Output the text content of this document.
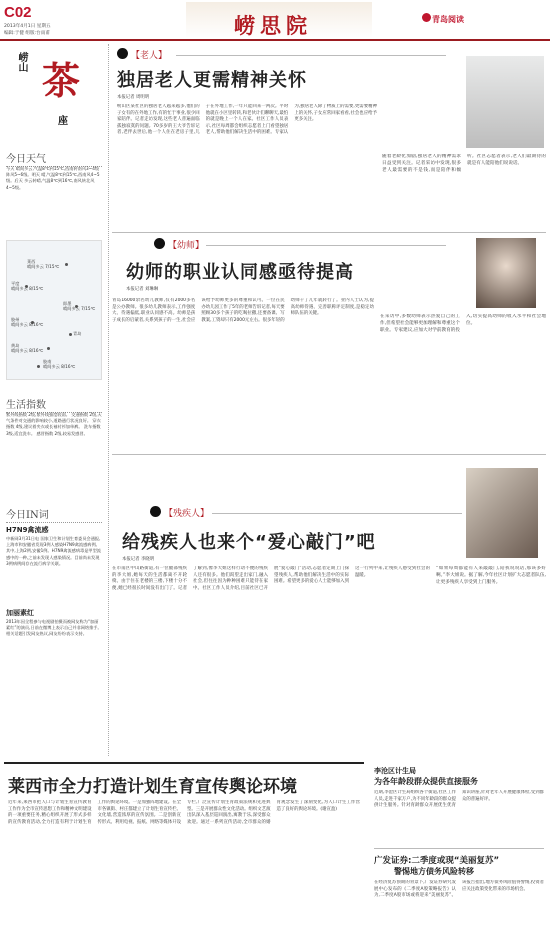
C02
2013年4月1日 星期五
编辑:于健 组版:台雨甫	崂思院	青岛阅读
崂山 茶
座
今日天气
今天 晴间多云,气温8℃到15℃,西南转南风3~4级阵风5~6级。明天 晴,气温8℃到15℃,西南风4~5级。后天 多云转晴,气温8℃到16℃,南风转北风4~5级。
莱西
晴间多云 7/15℃
平度
晴间多云 8/15℃
胶州
晴间多云 8/16℃
即墨
晴间多云 7/15℃
青岛
黄岛
晴间多云 8/16℃
胶南
晴间多云 8/16℃
生活指数
紫外线指数 2级,紫外线强度较弱。 交通指数 2级,天气条件对交通的影响较小,道路通行状况良好。 穿衣指数 4级,建议着夹衣或长袖衬衫加单裤。 洗车指数 3级,适宜洗车。 感冒指数 2级,较易发感冒。
今日IN词
H7N9禽流感
中新网3月31日电 国家卫生和计划生育委员会通报,上海市和安徽省发现3例人感染H7N9禽流感病例。其中,上海2例,安徽1例。H7N9禽流感病毒是甲型流感中的一种,之前未发现人感染情况。目前尚未发现3例病例间存在流行病学关联。
加丽素红
2013年因全程参与电视剧拍摄而被网友称为“加丽素红”的演员,日前在微博上表示自己并非网络推手。相关话题引发网友热议,网友纷纷表示支持。
【老人】
独居老人更需精神关怀
本报记者 周明明
崂山区某社区的独居老人越来越多,他们的子女有的在外地工作,有的忙于事业,很少回家陪伴。记者走访发现,这些老人普遍面临孤独寂寞的问题。70多岁的王大爷告诉记者,老伴去世后,他一个人住在老房子里,儿子在外地工作,一年只能回来一两次。平时他就在小区里转转,和老伙计们聊聊天,最怕的就是晚上一个人在家。社区工作人员表示,社区每周都会组织志愿者上门看望独居老人,帮助他们解决生活中的困难。专家认为,独居老人除了物质上的需要,更需要精神上的关怀,子女应常回家看看,社会也应给予更多关注。
随着老龄化加剧,独居老人的精神需求日益受到关注。记者采访中发现,很多老人最需要的不是钱,而是陪伴和倾听。社区志愿者表示,老人们最期待的就是有人能陪他们说说话。
【幼师】
幼师的职业认同感亟待提高
本报记者 刘琳琳
青岛16000余名幼儿教师,仅有2000多名是公办教师。很多幼儿教师表示,工作强度大、待遇偏低,职业认同感不高。幼师是孩子成长的启蒙者,关系到孩子的一生,社会应该给予幼师更多的尊重和认可。一位在民办幼儿园工作了5年的老师告诉记者,每天要照顾30多个孩子的吃喝拉撒,还要备课、写教案,工资却只有2000元左右。很多年轻的幼师干了几年就转行了。业内人士认为,提高幼师待遇、完善职称评定制度,是稳定幼师队伍的关键。
在采访中,多数幼师表示热爱自己的工作,但希望社会能够更加理解和尊重这个职业。专家建议,应加大对学前教育的投入,切实提高幼师的收入水平和社会地位。
【残疾人】
给残疾人也来个“爱心敲门”吧
本报记者 李晓明
在市南区中山路街道,有一位腿部残疾的李大姐,她每天的生活都离不开轮椅。由于住在老楼的三楼,下楼十分不便,她已经很长时间没有出门了。记者了解到,像李大姐这样行动不便的残疾人还有很多。他们渴望走出家门,融入社会,但往往因为种种困难只能待在家中。社区工作人员介绍,目前社区已开展“爱心敲门”活动,志愿者定期上门探望残疾人,帮助他们解决生活中的实际困难。希望更多的爱心人士能够加入到这一行列中来,让残疾人感受到社会的温暖。
“如果每周都能有人来敲敲门,陪我说说话,那该多好啊。”李大姐说。据了解,今年社区计划扩大志愿者队伍,让更多残疾人享受到上门服务。
莱西市全力打造计划生育宣传舆论环境
近年来,莱西市把人口与计划生育宣传教育工作作为全市宣传思想工作和精神文明建设的一项重要任务,精心组织开展了形式多样的宣传教育活动,全力打造有利于计划生育工作的舆论环境。一是加强阵地建设。在全市各镇街、村庄都建立了计划生育宣传栏、文化墙,营造浓厚的宣传氛围。二是创新宣传形式。利用电视、报纸、网络等媒体开设专栏,广泛宣传计划生育政策法规和先进典型。三是开展群众性文化活动。组织文艺演出队深入基层巡回演出,寓教于乐,深受群众欢迎。通过一系列宣传活动,全市群众的婚育观念发生了深刻变化,为人口计生工作营造了良好的舆论环境。(谢宣盈)
李沧区计生局
为各年龄段群众提供直接服务
近期,李沧区计生局组织各个街道,社区工作人员,走进千家万户,为不同年龄段的群众提供计生服务。针对育龄群众开展优生优育知识讲座,针对老年人开展健康体检,受到群众的普遍好评。
广发证券:二季度或现“美丽复苏”
警惕地方债务风险转移
在经济复苏预期的背景下,广发证券研究发展中心发布的《二季度A股策略报告》认为,二季度A股市场或将迎来“美丽复苏”。该报告指出,地方债务风险值得警惕,投资者应关注政策变化带来的市场机会。
